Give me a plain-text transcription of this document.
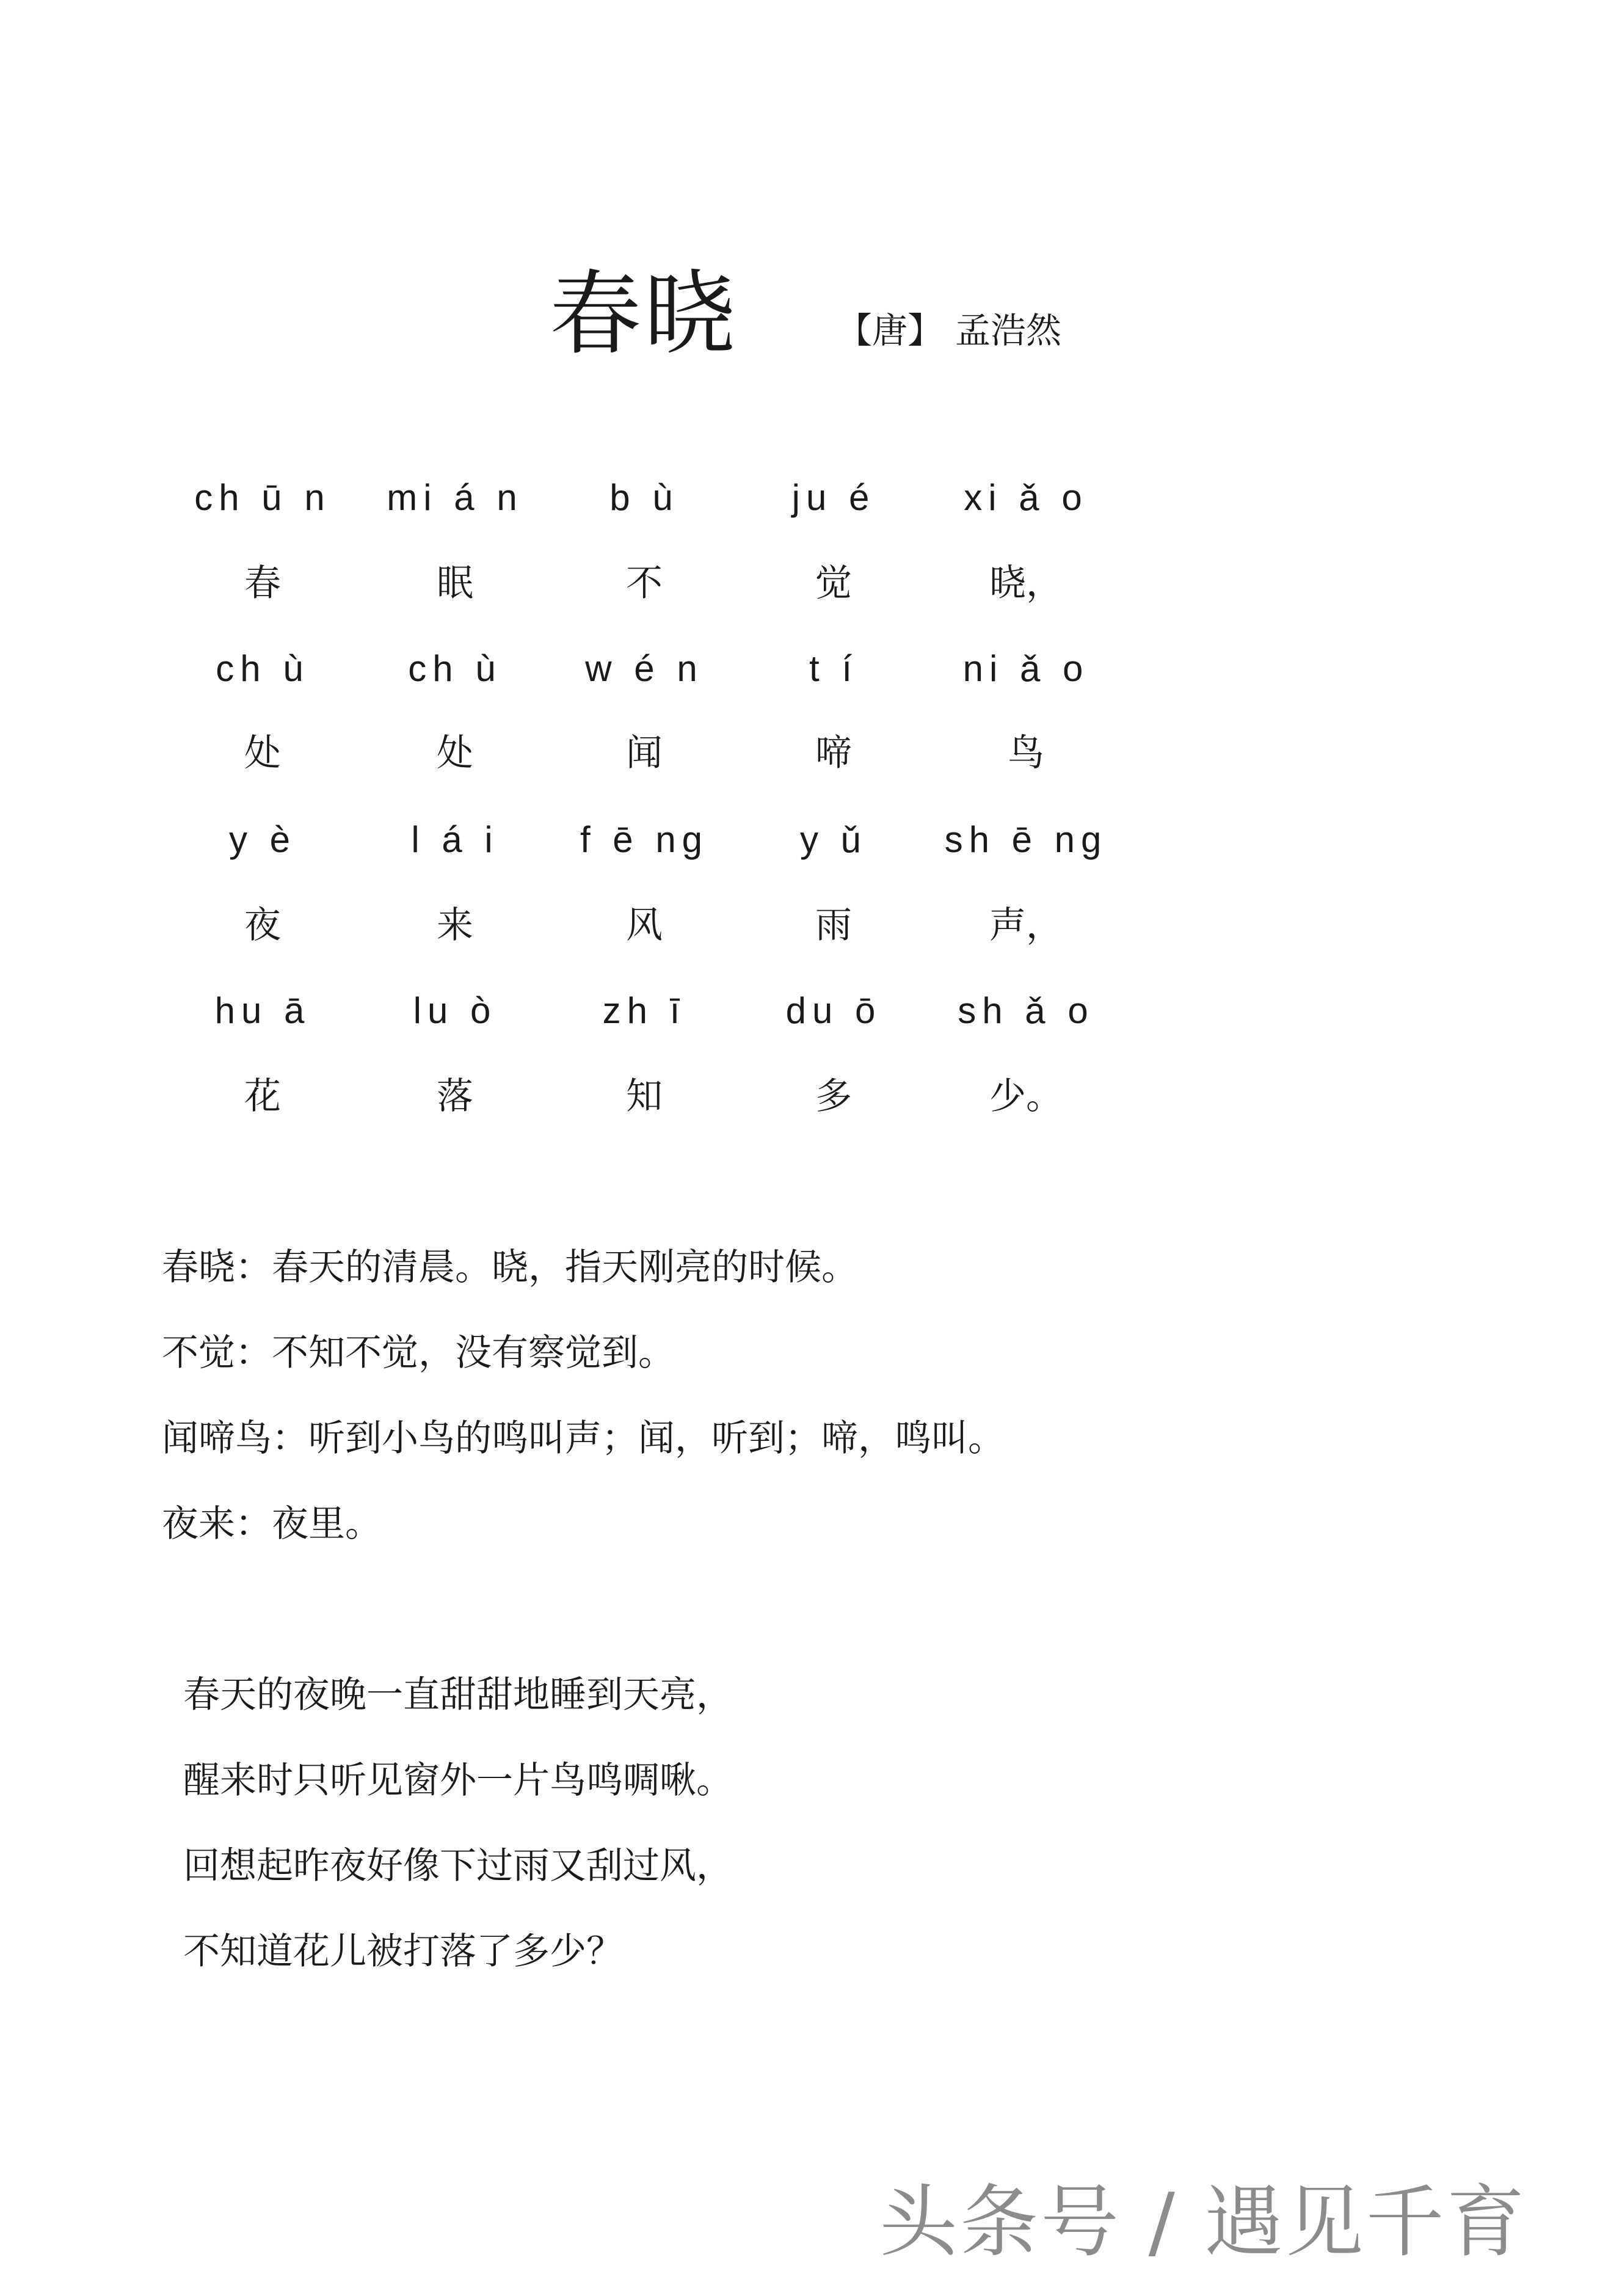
春晓	【唐】 孟浩然
ch ū n	mi á n	b ù	ju é	xi ǎ o
春	眠	不	觉	晓，
ch ù	ch ù	w é n	t í	ni ǎ o
处	处	闻	啼	鸟
y è	l á i	f ē ng	y ǔ	sh ē ng
夜	来	风	雨	声，
hu ā	lu ò	zh ī	du ō	sh ǎ o
花	落	知	多	少。
春晓：春天的清晨。晓，指天刚亮的时候。
不觉：不知不觉，没有察觉到。
闻啼鸟：听到小鸟的鸣叫声；闻，听到；啼，鸣叫。
夜来：夜里。
春天的夜晚一直甜甜地睡到天亮，
醒来时只听见窗外一片鸟鸣啁啾。
回想起昨夜好像下过雨又刮过风，
不知道花儿被打落了多少？
头条号 / 遇见千育
